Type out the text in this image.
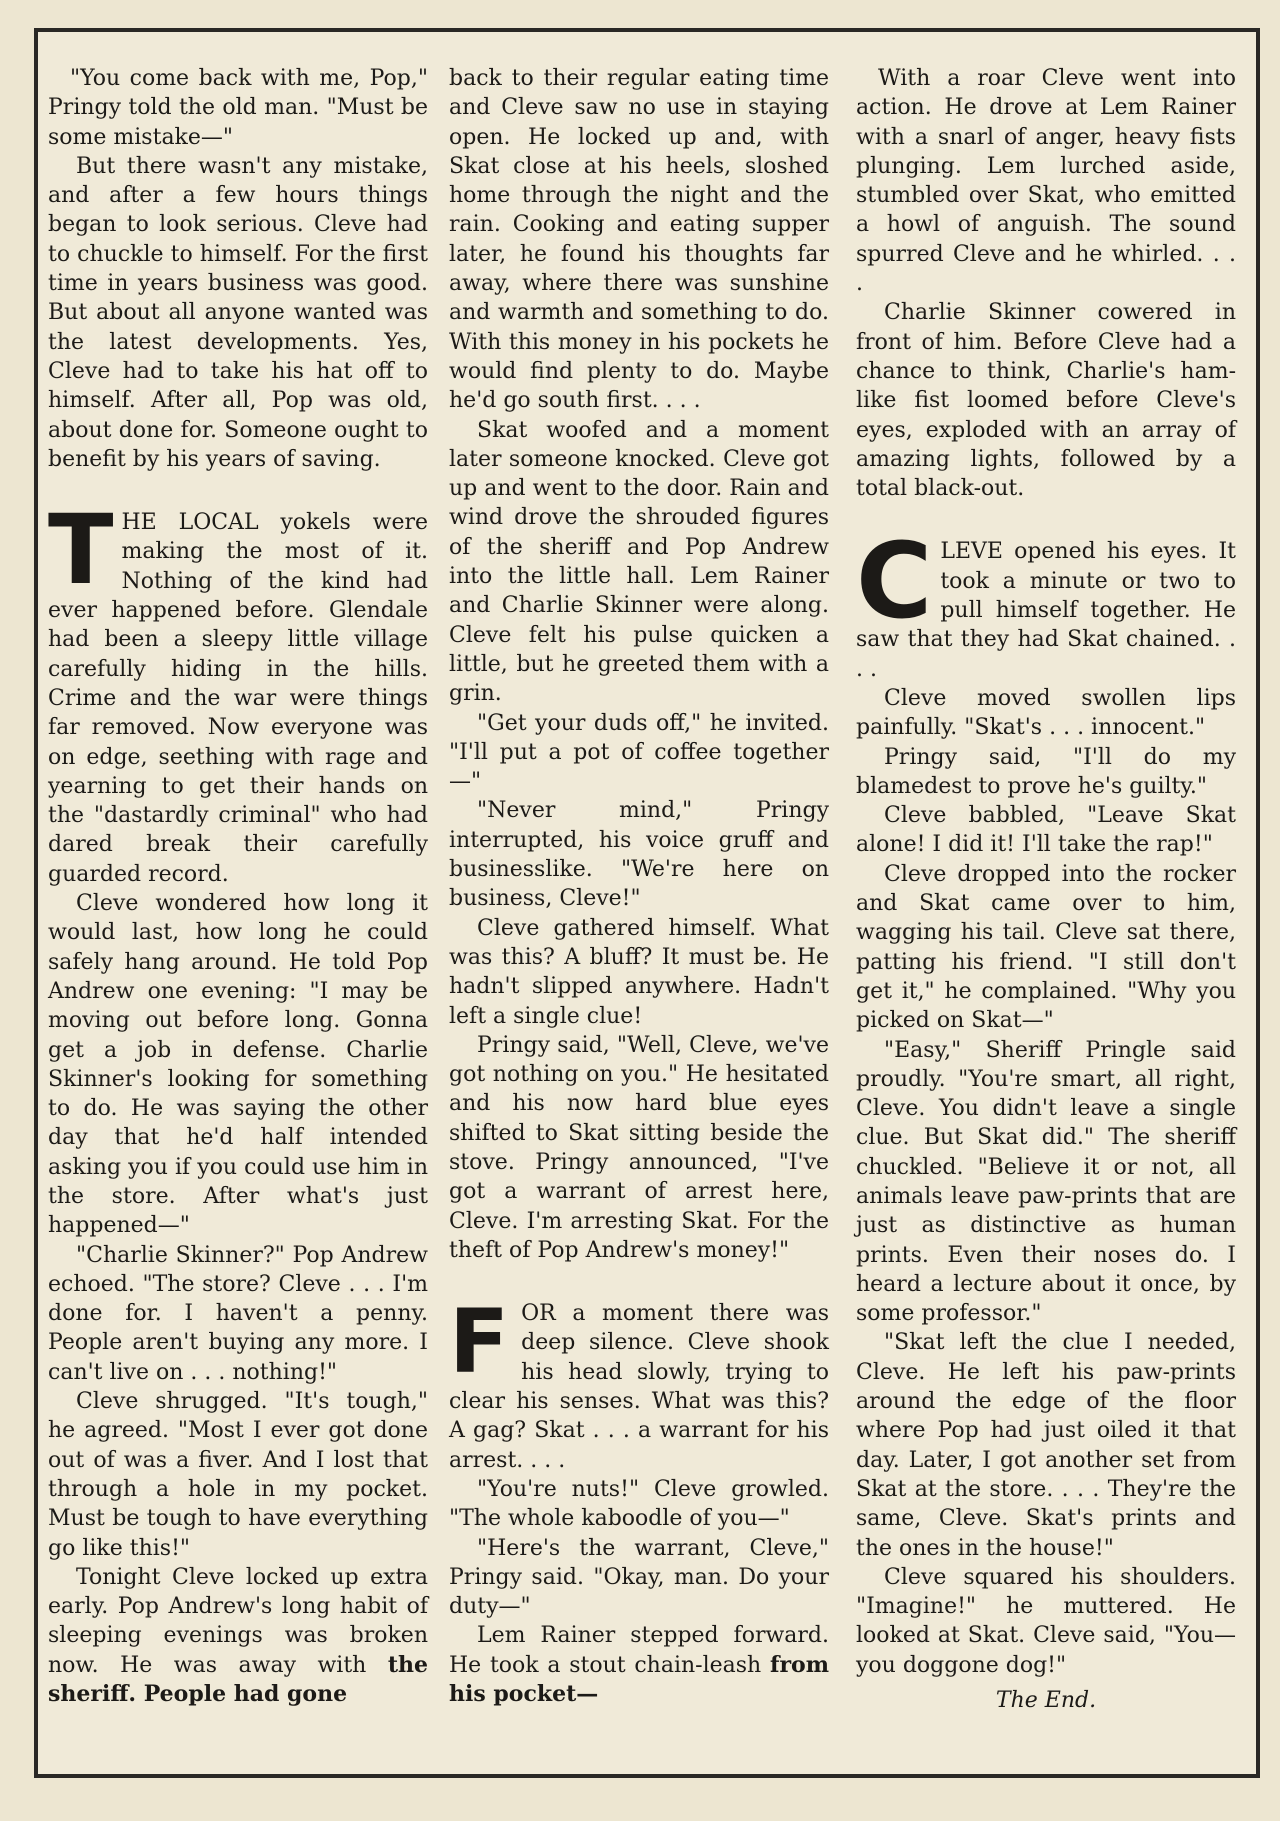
"You come back with me, Pop," Pringy told the old man. "Must be some mistake—"

But there wasn't any mistake, and after a few hours things began to look serious. Cleve had to chuckle to himself. For the first time in years business was good. But about all anyone wanted was the latest developments. Yes, Cleve had to take his hat off to himself. After all, Pop was old, about done for. Someone ought to benefit by his years of saving.

THE LOCAL yokels were making the most of it. Nothing of the kind had ever happened before. Glendale had been a sleepy little village carefully hiding in the hills. Crime and the war were things far removed. Now everyone was on edge, seething with rage and yearning to get their hands on the "dastardly criminal" who had dared break their carefully guarded record.

Cleve wondered how long it would last, how long he could safely hang around. He told Pop Andrew one evening: "I may be moving out before long. Gonna get a job in defense. Charlie Skinner's looking for something to do. He was saying the other day that he'd half intended asking you if you could use him in the store. After what's just happened—"

"Charlie Skinner?" Pop Andrew echoed. "The store? Cleve . . . I'm done for. I haven't a penny. People aren't buying any more. I can't live on . . . nothing!"

Cleve shrugged. "It's tough," he agreed. "Most I ever got done out of was a fiver. And I lost that through a hole in my pocket. Must be tough to have everything go like this!"

Tonight Cleve locked up extra early. Pop Andrew's long habit of sleeping evenings was broken now. He was away with the sheriff. People had gone

back to their regular eating time and Cleve saw no use in staying open. He locked up and, with Skat close at his heels, sloshed home through the night and the rain. Cooking and eating supper later, he found his thoughts far away, where there was sunshine and warmth and something to do. With this money in his pockets he would find plenty to do. Maybe he'd go south first. . . .

Skat woofed and a moment later someone knocked. Cleve got up and went to the door. Rain and wind drove the shrouded figures of the sheriff and Pop Andrew into the little hall. Lem Rainer and Charlie Skinner were along. Cleve felt his pulse quicken a little, but he greeted them with a grin.

"Get your duds off," he invited. "I'll put a pot of coffee together—"

"Never mind," Pringy interrupted, his voice gruff and businesslike. "We're here on business, Cleve!"

Cleve gathered himself. What was this? A bluff? It must be. He hadn't slipped anywhere. Hadn't left a single clue!

Pringy said, "Well, Cleve, we've got nothing on you." He hesitated and his now hard blue eyes shifted to Skat sitting beside the stove. Pringy announced, "I've got a warrant of arrest here, Cleve. I'm arresting Skat. For the theft of Pop Andrew's money!"

FOR a moment there was deep silence. Cleve shook his head slowly, trying to clear his senses. What was this? A gag? Skat . . . a warrant for his arrest. . . .

"You're nuts!" Cleve growled. "The whole kaboodle of you—"

"Here's the warrant, Cleve," Pringy said. "Okay, man. Do your duty—"

Lem Rainer stepped forward. He took a stout chain-leash from his pocket—

With a roar Cleve went into action. He drove at Lem Rainer with a snarl of anger, heavy fists plunging. Lem lurched aside, stumbled over Skat, who emitted a howl of anguish. The sound spurred Cleve and he whirled. . . .

Charlie Skinner cowered in front of him. Before Cleve had a chance to think, Charlie's ham-like fist loomed before Cleve's eyes, exploded with an array of amazing lights, followed by a total black-out.

CLEVE opened his eyes. It took a minute or two to pull himself together. He saw that they had Skat chained. . . .

Cleve moved swollen lips painfully. "Skat's . . . innocent."

Pringy said, "I'll do my blamedest to prove he's guilty."

Cleve babbled, "Leave Skat alone! I did it! I'll take the rap!"

Cleve dropped into the rocker and Skat came over to him, wagging his tail. Cleve sat there, patting his friend. "I still don't get it," he complained. "Why you picked on Skat—"

"Easy," Sheriff Pringle said proudly. "You're smart, all right, Cleve. You didn't leave a single clue. But Skat did." The sheriff chuckled. "Believe it or not, all animals leave paw-prints that are just as distinctive as human prints. Even their noses do. I heard a lecture about it once, by some professor."

"Skat left the clue I needed, Cleve. He left his paw-prints around the edge of the floor where Pop had just oiled it that day. Later, I got another set from Skat at the store. . . . They're the same, Cleve. Skat's prints and the ones in the house!"

Cleve squared his shoulders. "Imagine!" he muttered. He looked at Skat. Cleve said, "You—you doggone dog!"

The End.
